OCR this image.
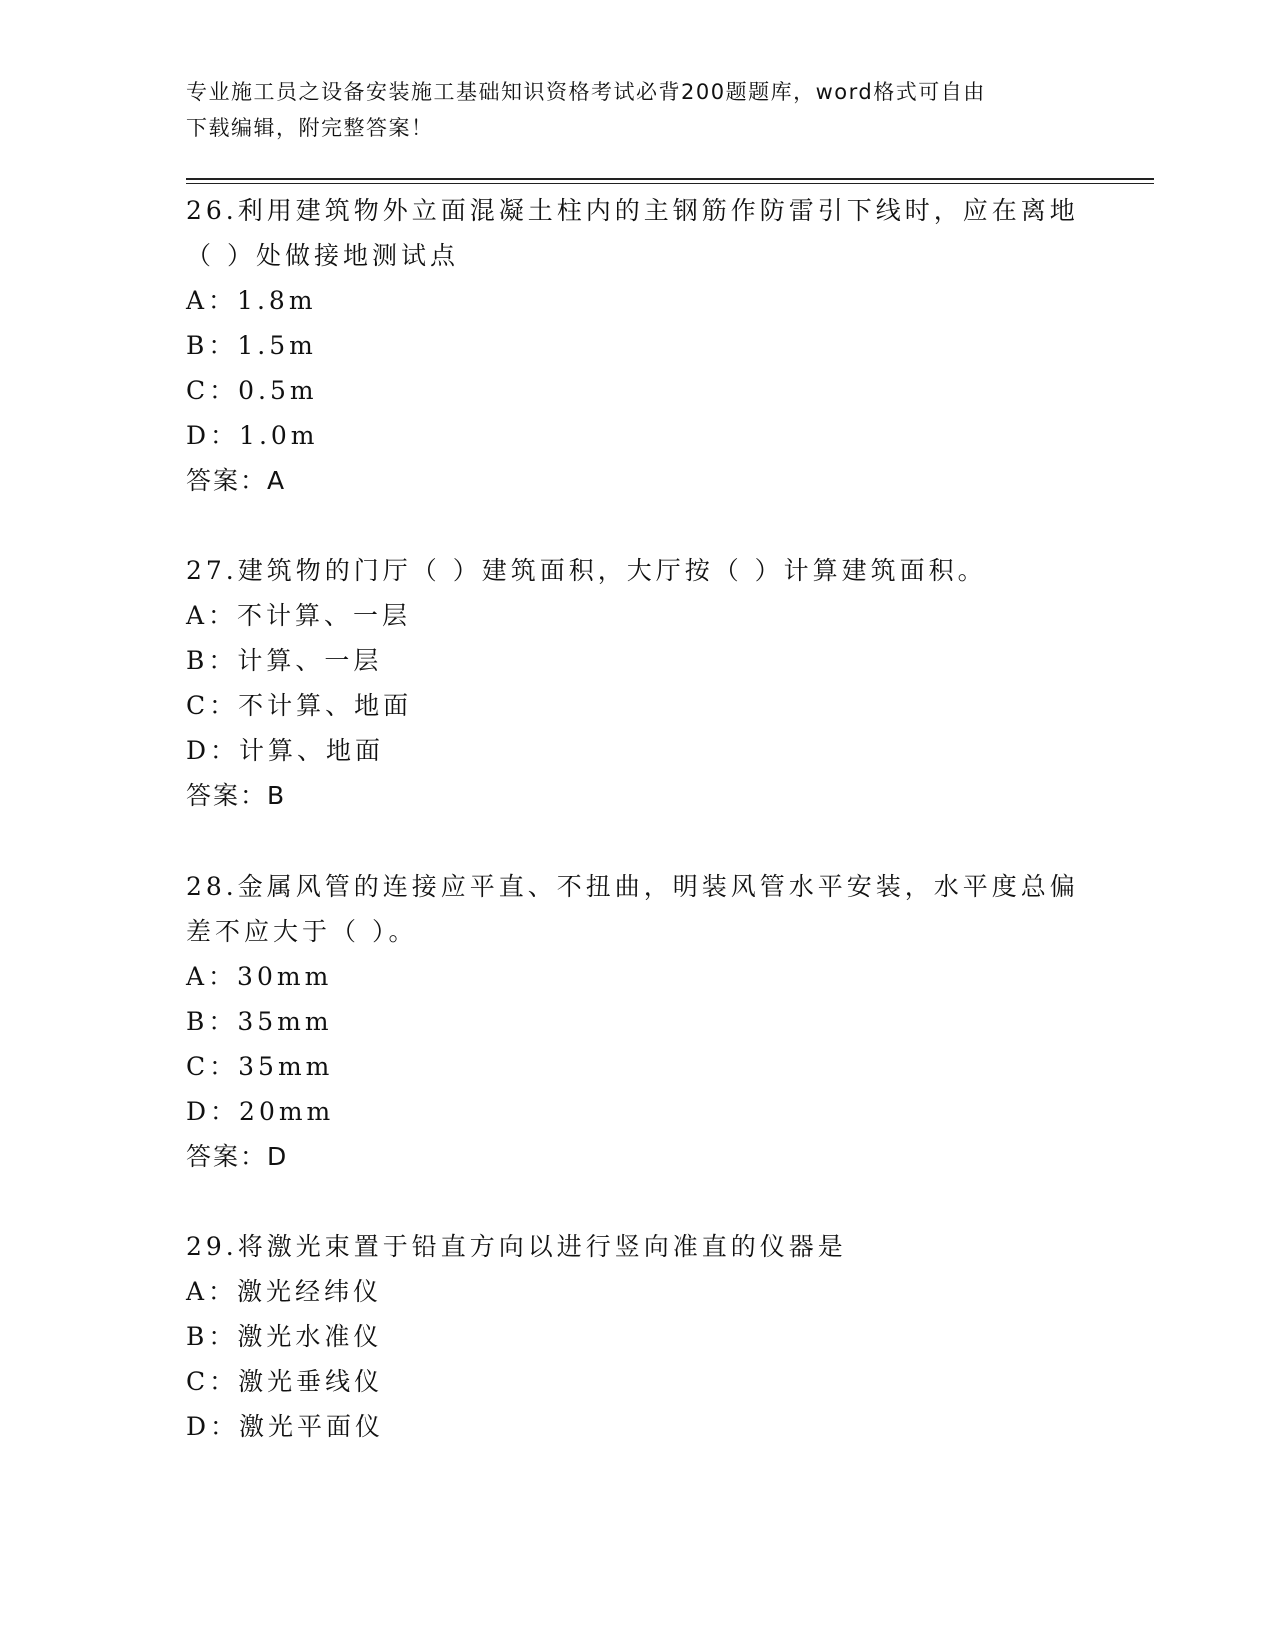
专业施工员之设备安装施工基础知识资格考试必背200题题库，word格式可自由
下载编辑，附完整答案！
26.利用建筑物外立面混凝土柱内的主钢筋作防雷引下线时，应在离地
（ ）处做接地测试点
A：1.8m
B：1.5m
C：0.5m
D：1.0m
答案：A
27.建筑物的门厅（ ）建筑面积，大厅按（ ）计算建筑面积。
A：不计算、一层
B：计算、一层
C：不计算、地面
D：计算、地面
答案：B
28.金属风管的连接应平直、不扭曲，明装风管水平安装，水平度总偏
差不应大于（ ）。
A：30mm
B：35mm
C：35mm
D：20mm
答案：D
29.将激光束置于铅直方向以进行竖向准直的仪器是
A：激光经纬仪
B：激光水准仪
C：激光垂线仪
D：激光平面仪
